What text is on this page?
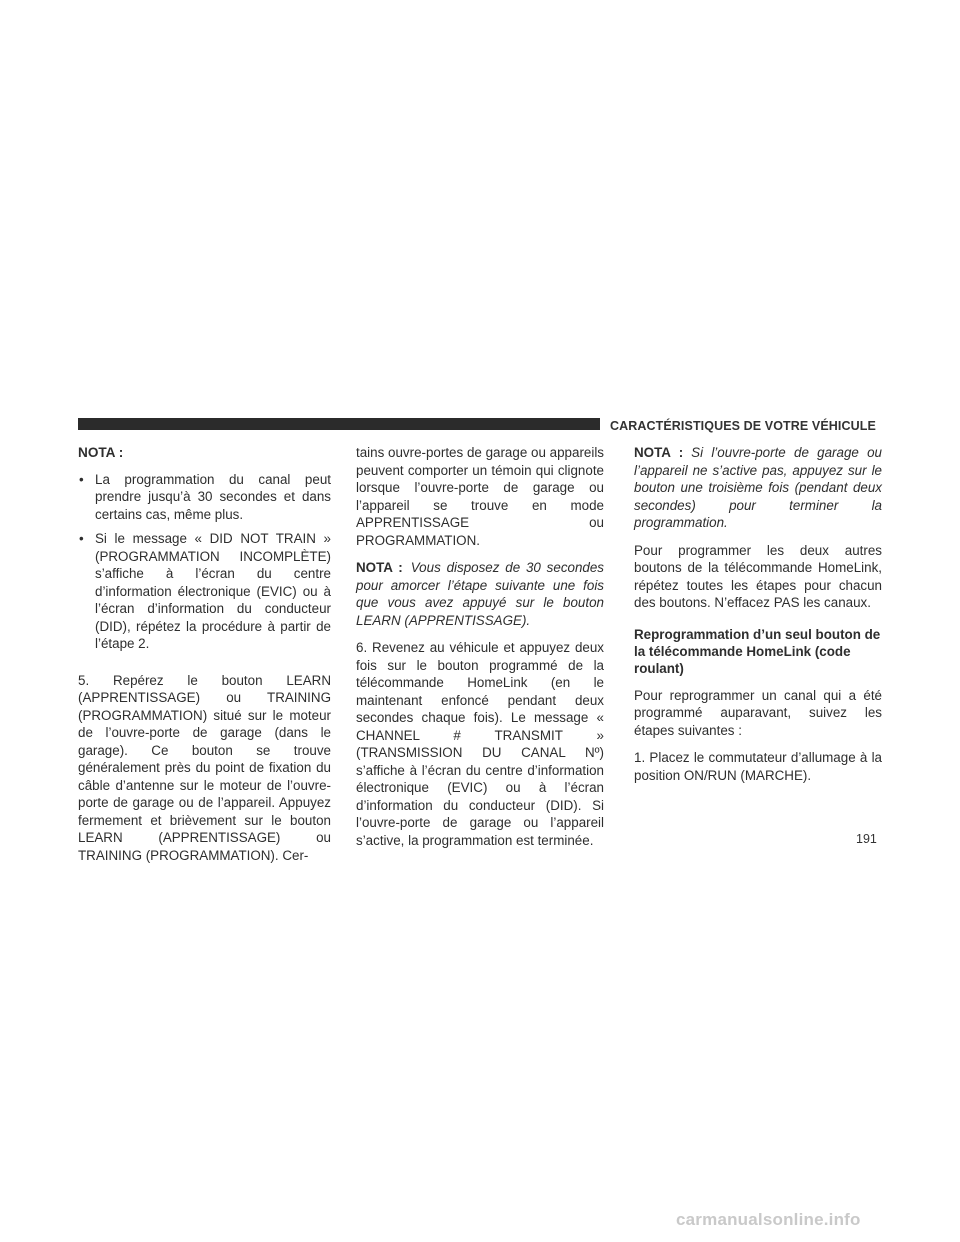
CARACTÉRISTIQUES DE VOTRE VÉHICULE
NOTA :
• La programmation du canal peut prendre jusqu’à 30 secondes et dans certains cas, même plus.
• Si le message « DID NOT TRAIN » (PROGRAMMATION INCOMPLÈTE) s’affiche à l’écran du centre d’information électronique (EVIC) ou à l’écran d’information du conducteur (DID), répétez la procédure à partir de l’étape 2.

5. Repérez le bouton LEARN (APPRENTISSAGE) ou TRAINING (PROGRAMMATION) situé sur le moteur de l’ouvre-porte de garage (dans le garage). Ce bouton se trouve généralement près du point de fixation du câble d’antenne sur le moteur de l’ouvre-porte de garage ou de l’appareil. Appuyez fermement et brièvement sur le bouton LEARN (APPRENTISSAGE) ou TRAINING (PROGRAMMATION). Cer-

tains ouvre-portes de garage ou appareils peuvent comporter un témoin qui clignote lorsque l’ouvre-porte de garage ou l’appareil se trouve en mode APPRENTISSAGE ou PROGRAMMATION.

NOTA : Vous disposez de 30 secondes pour amorcer l’étape suivante une fois que vous avez appuyé sur le bouton LEARN (APPRENTISSAGE).

6. Revenez au véhicule et appuyez deux fois sur le bouton programmé de la télécommande HomeLink (en le maintenant enfoncé pendant deux secondes chaque fois). Le message « CHANNEL # TRANSMIT » (TRANSMISSION DU CANAL Nº) s’affiche à l’écran du centre d’information électronique (EVIC) ou à l’écran d’information du conducteur (DID). Si l’ouvre-porte de garage ou l’appareil s’active, la programmation est terminée.

NOTA : Si l’ouvre-porte de garage ou l’appareil ne s’active pas, appuyez sur le bouton une troisième fois (pendant deux secondes) pour terminer la programmation.

Pour programmer les deux autres boutons de la télécommande HomeLink, répétez toutes les étapes pour chacun des boutons. N’effacez PAS les canaux.

Reprogrammation d’un seul bouton de la télécommande HomeLink (code roulant)

Pour reprogrammer un canal qui a été programmé auparavant, suivez les étapes suivantes :

1. Placez le commutateur d’allumage à la position ON/RUN (MARCHE).

191
carmanualsonline.info
